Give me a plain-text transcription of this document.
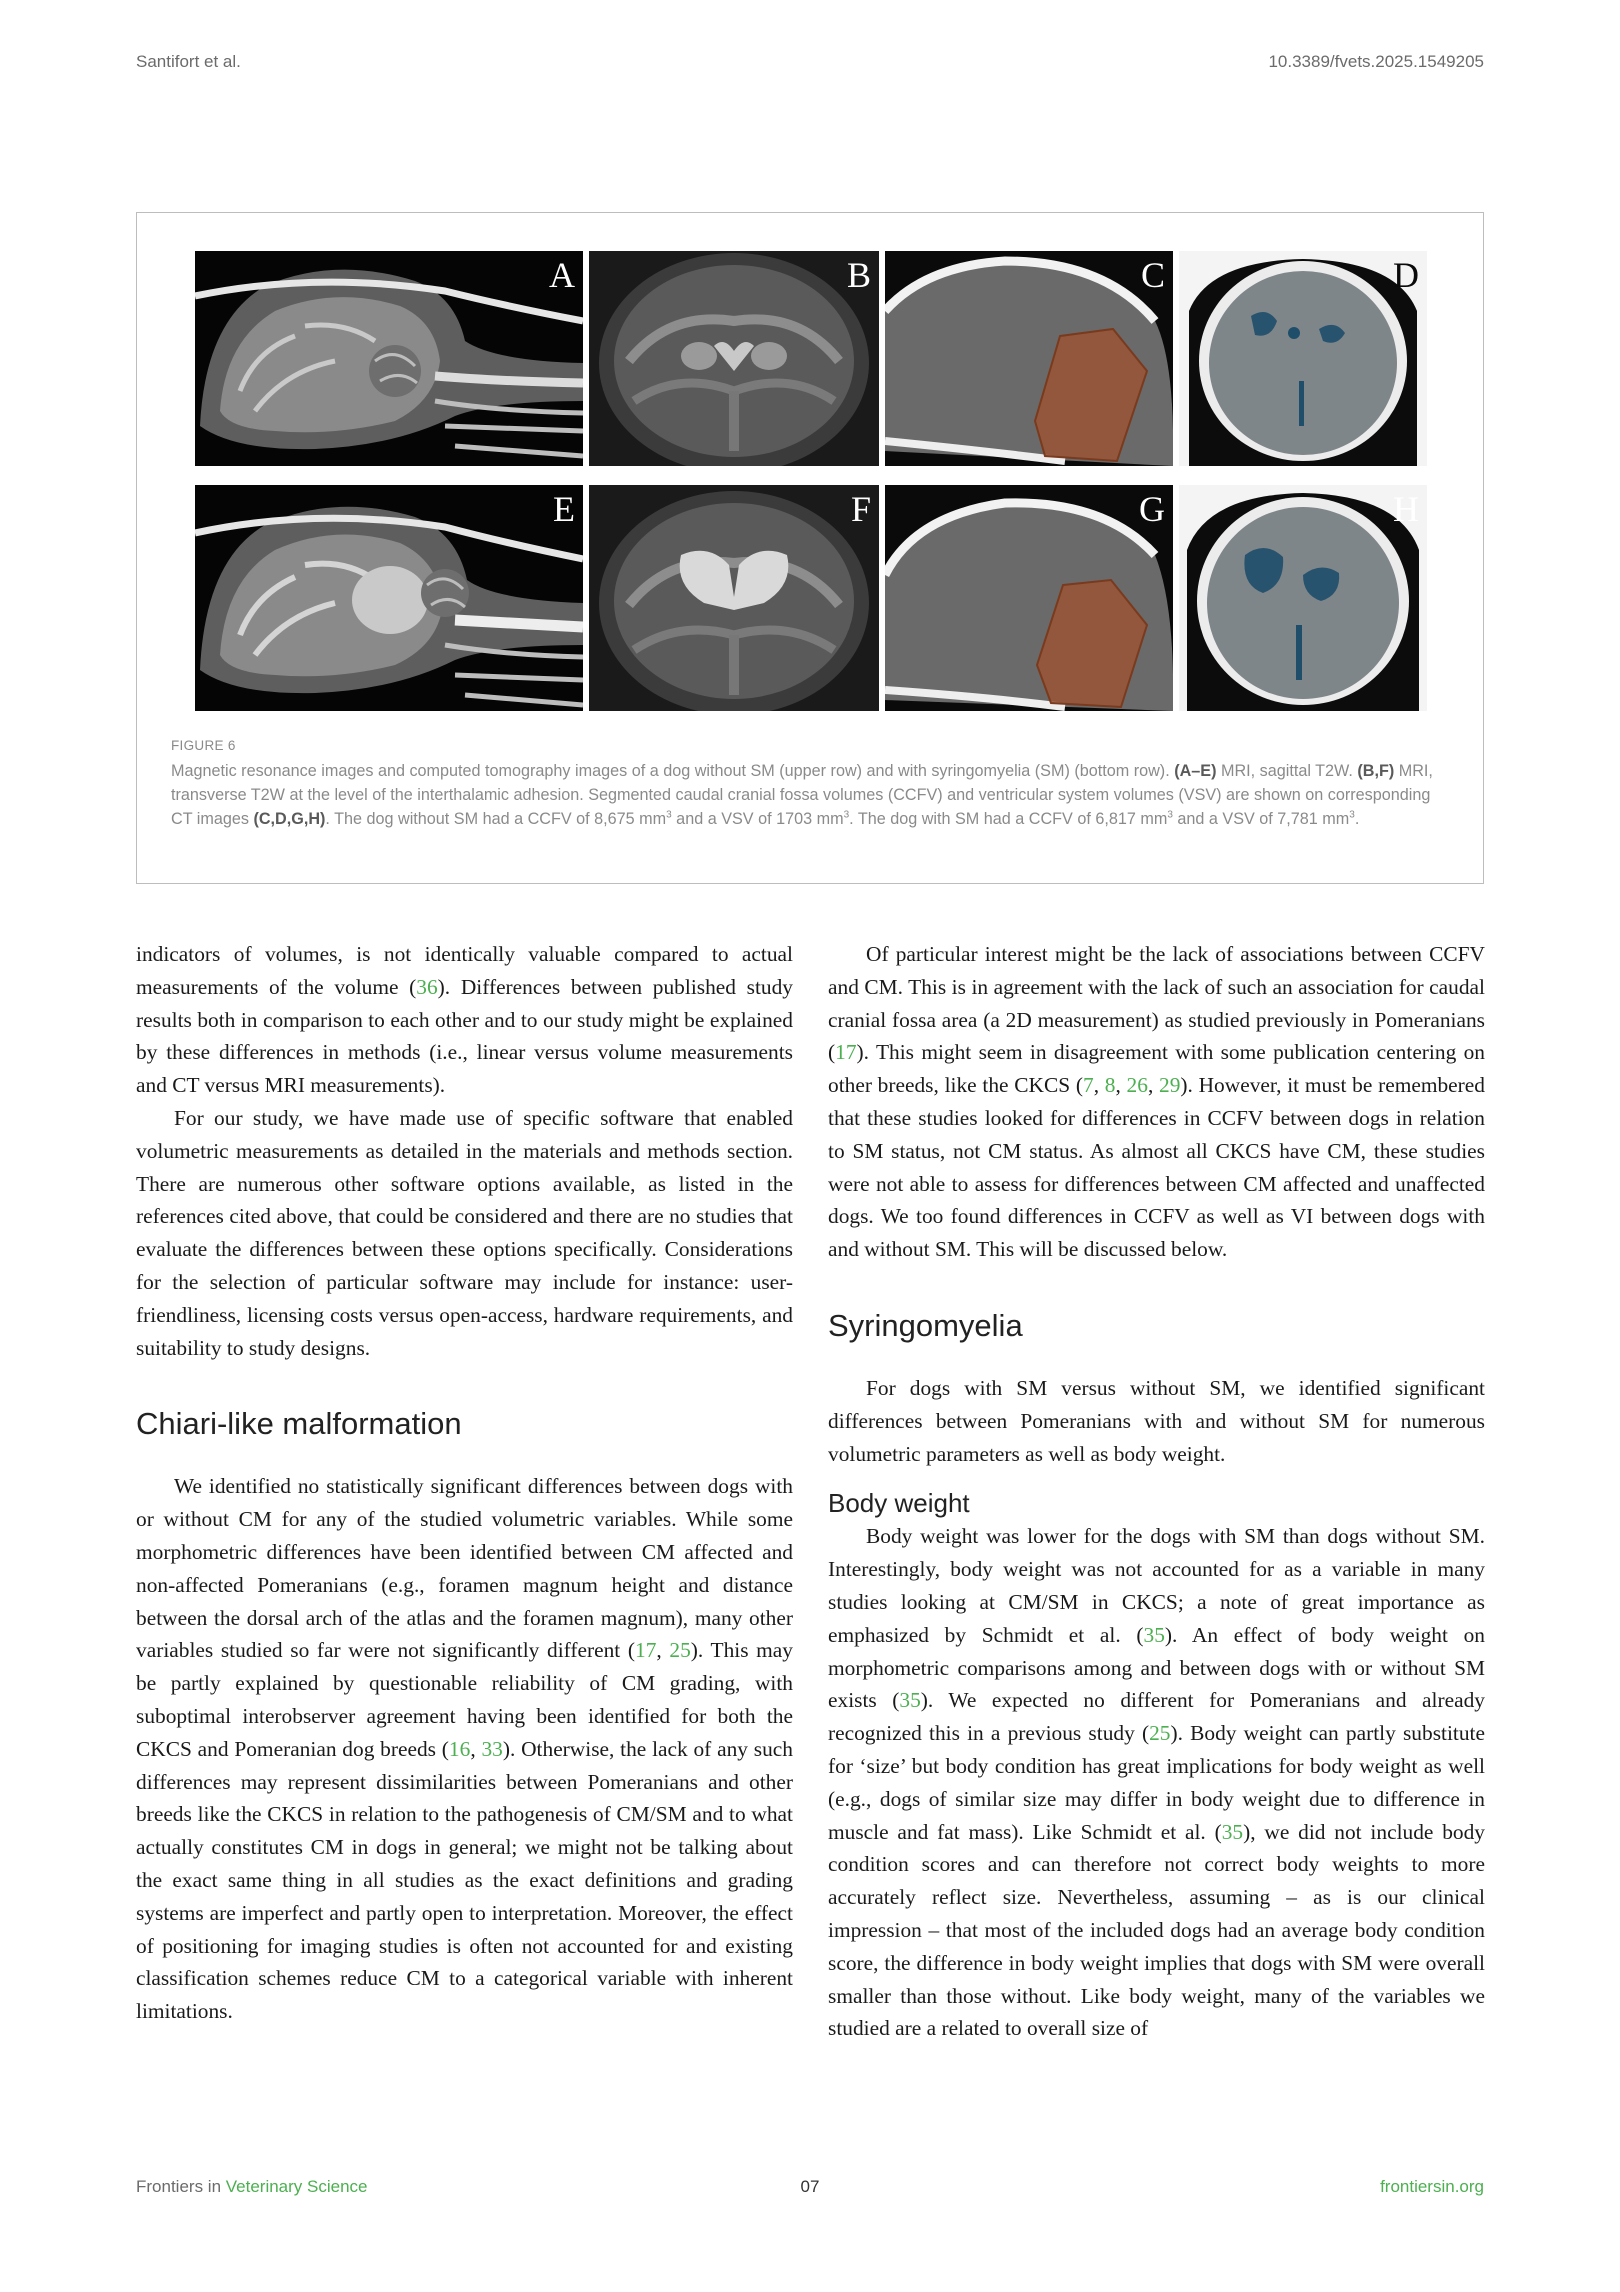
Santifort et al.	10.3389/fvets.2025.1549205
A	B	C	D
E	F	G	H
FIGURE 6
Magnetic resonance images and computed tomography images of a dog without SM (upper row) and with syringomyelia (SM) (bottom row). (A–E) MRI, sagittal T2W. (B,F) MRI, transverse T2W at the level of the interthalamic adhesion. Segmented caudal cranial fossa volumes (CCFV) and ventricular system volumes (VSV) are shown on corresponding CT images (C,D,G,H). The dog without SM had a CCFV of 8,675 $mm^3$ and a VSV of 1703 $mm^3$. The dog with SM had a CCFV of 6,817 $mm^3$ and a VSV of 7,781 $mm^3$.

indicators of volumes, is not identically valuable compared to actual measurements of the volume (36). Differences between published study results both in comparison to each other and to our study might be explained by these differences in methods (i.e., linear versus volume measurements and CT versus MRI measurements).

For our study, we have made use of specific software that enabled volumetric measurements as detailed in the materials and methods section. There are numerous other software options available, as listed in the references cited above, that could be considered and there are no studies that evaluate the differences between these options specifically. Considerations for the selection of particular software may include for instance: user-friendliness, licensing costs versus open-access, hardware requirements, and suitability to study designs.

Chiari-like malformation

We identified no statistically significant differences between dogs with or without CM for any of the studied volumetric variables. While some morphometric differences have been identified between CM affected and non-affected Pomeranians (e.g., foramen magnum height and distance between the dorsal arch of the atlas and the foramen magnum), many other variables studied so far were not significantly different (17, 25). This may be partly explained by questionable reliability of CM grading, with suboptimal interobserver agreement having been identified for both the CKCS and Pomeranian dog breeds (16, 33). Otherwise, the lack of any such differences may represent dissimilarities between Pomeranians and other breeds like the CKCS in relation to the pathogenesis of CM/SM and to what actually constitutes CM in dogs in general; we might not be talking about the exact same thing in all studies as the exact definitions and grading systems are imperfect and partly open to interpretation. Moreover, the effect of positioning for imaging studies is often not accounted for and existing classification schemes reduce CM to a categorical variable with inherent limitations.

Of particular interest might be the lack of associations between CCFV and CM. This is in agreement with the lack of such an association for caudal cranial fossa area (a 2D measurement) as studied previously in Pomeranians (17). This might seem in disagreement with some publication centering on other breeds, like the CKCS (7, 8, 26, 29). However, it must be remembered that these studies looked for differences in CCFV between dogs in relation to SM status, not CM status. As almost all CKCS have CM, these studies were not able to assess for differences between CM affected and unaffected dogs. We too found differences in CCFV as well as VI between dogs with and without SM. This will be discussed below.

Syringomyelia

For dogs with SM versus without SM, we identified significant differences between Pomeranians with and without SM for numerous volumetric parameters as well as body weight.

Body weight

Body weight was lower for the dogs with SM than dogs without SM. Interestingly, body weight was not accounted for as a variable in many studies looking at CM/SM in CKCS; a note of great importance as emphasized by Schmidt et al. (35). An effect of body weight on morphometric comparisons among and between dogs with or without SM exists (35). We expected no different for Pomeranians and already recognized this in a previous study (25). Body weight can partly substitute for ‘size’ but body condition has great implications for body weight as well (e.g., dogs of similar size may differ in body weight due to difference in muscle and fat mass). Like Schmidt et al. (35), we did not include body condition scores and can therefore not correct body weights to more accurately reflect size. Nevertheless, assuming – as is our clinical impression – that most of the included dogs had an average body condition score, the difference in body weight implies that dogs with SM were overall smaller than those without. Like body weight, many of the variables we studied are a related to overall size of

Frontiers in Veterinary Science	07	frontiersin.org
